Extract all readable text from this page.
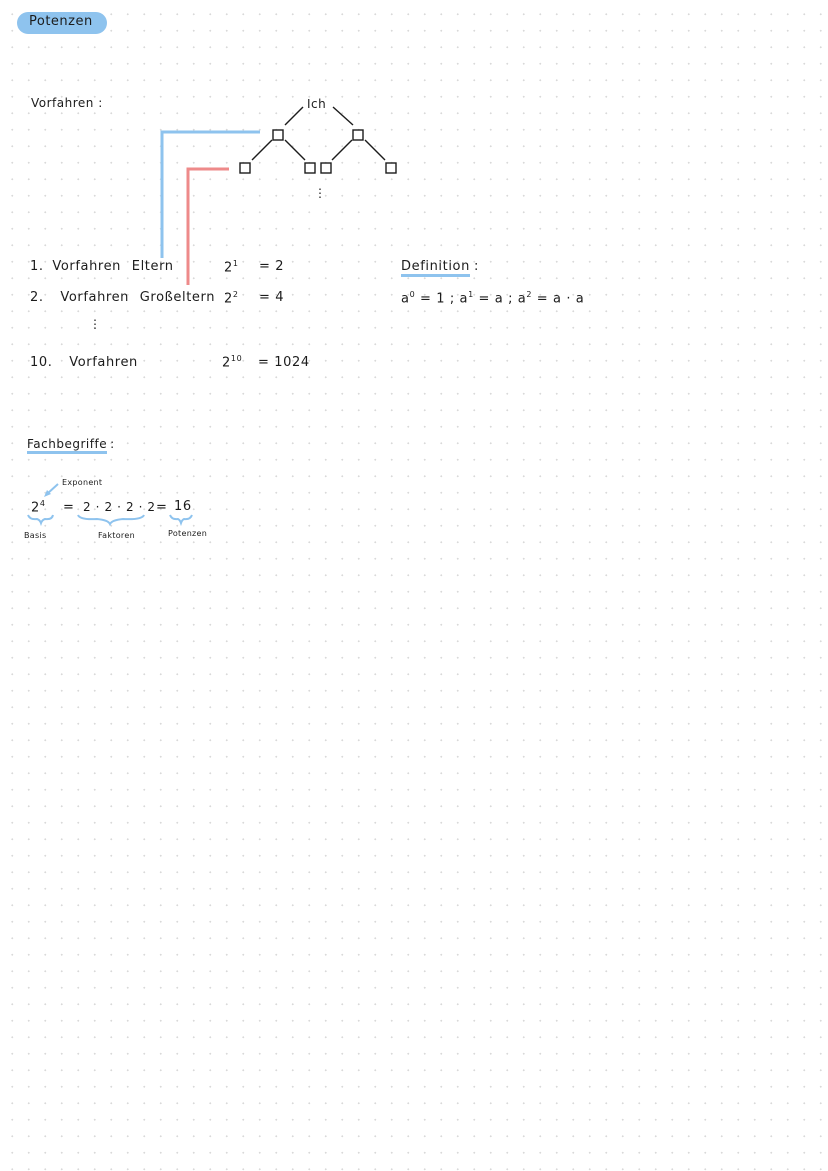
Potenzen
Vorfahren :	Ich
⋮
1. Vorfahren Eltern	$2^1 = 2$
2. Vorfahren Großeltern $2^2 = 4$
⋮
10. Vorfahren	$2^{10} = 1024$
Definition :
$a^0 = 1$ ; $a^1 = a$ ; $a^2 = a \cdot a$
Fachbegriffe :
Exponent
$2^4 = 2 \cdot 2 \cdot 2 \cdot 2 = 16$
Basis	Faktoren	Potenzen
